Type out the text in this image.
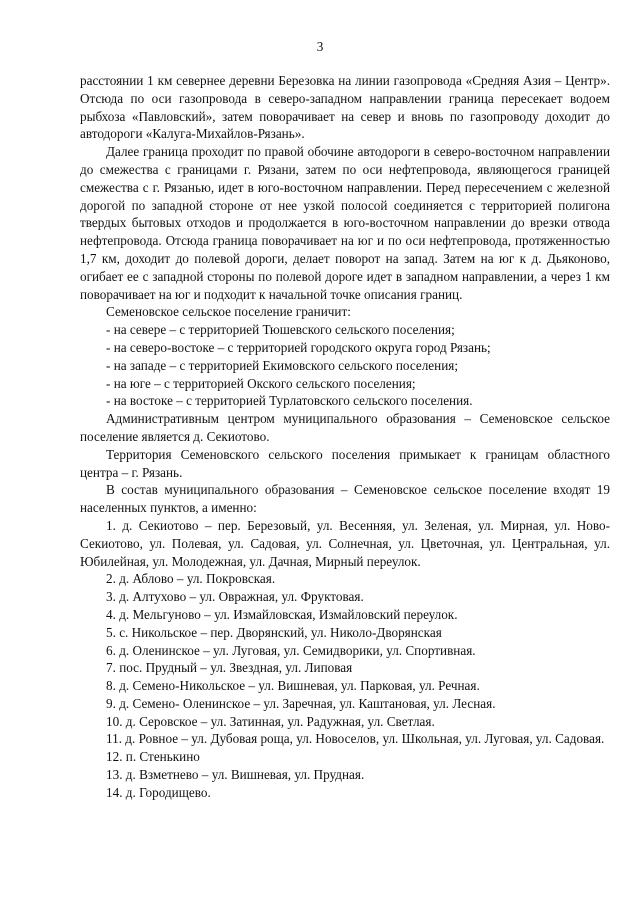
3

расстоянии 1 км севернее деревни Березовка на линии газопровода «Средняя Азия – Центр». Отсюда по оси газопровода в северо-западном направлении граница пересекает водоем рыбхоза «Павловский», затем поворачивает на север и вновь по газопроводу доходит до автодороги «Калуга-Михайлов-Рязань».

Далее граница проходит по правой обочине автодороги в северо-восточном направлении до смежества с границами г. Рязани, затем по оси нефтепровода, являющегося границей смежества с г. Рязанью, идет в юго-восточном направлении. Перед пересечением с железной дорогой по западной стороне от нее узкой полосой соединяется с территорией полигона твердых бытовых отходов и продолжается в юго-восточном направлении до врезки отвода нефтепровода. Отсюда граница поворачивает на юг и по оси нефтепровода, протяженностью 1,7 км, доходит до полевой дороги, делает поворот на запад. Затем на юг к д. Дьяконово, огибает ее с западной стороны по полевой дороге идет в западном направлении, а через 1 км поворачивает на юг и подходит к начальной точке описания границ.

Семеновское сельское поселение граничит:

- на севере – с территорией Тюшевского сельского поселения;

- на северо-востоке – с территорией городского округа город Рязань;

- на западе – с территорией Екимовского сельского поселения;

- на юге – с территорией Окского сельского поселения;

- на востоке – с территорией Турлатовского сельского поселения.

Административным центром муниципального образования – Семеновское сельское поселение является д. Секиотово.

Территория Семеновского сельского поселения примыкает к границам областного центра – г. Рязань.

В состав муниципального образования – Семеновское сельское поселение входят 19 населенных пунктов, а именно:

1. д. Секиотово – пер. Березовый, ул. Весенняя, ул. Зеленая, ул. Мирная, ул. Ново-Секиотово, ул. Полевая, ул. Садовая, ул. Солнечная, ул. Цветочная, ул. Центральная, ул. Юбилейная, ул. Молодежная, ул. Дачная, Мирный переулок.

2. д. Аблово – ул. Покровская.

3. д. Алтухово – ул. Овражная, ул. Фруктовая.

4. д. Мельгуново – ул. Измайловская, Измайловский переулок.

5. с. Никольское – пер. Дворянский, ул. Николо-Дворянская

6. д. Оленинское – ул. Луговая, ул. Семидворики, ул. Спортивная.

7. пос. Прудный – ул. Звездная, ул. Липовая

8. д. Семено-Никольское – ул. Вишневая, ул. Парковая, ул. Речная.

9. д. Семено- Оленинское – ул. Заречная, ул. Каштановая, ул. Лесная.

10. д. Серовское – ул. Затинная, ул. Радужная, ул. Светлая.

11. д. Ровное – ул. Дубовая роща, ул. Новоселов, ул. Школьная, ул. Луговая, ул. Садовая.

12. п. Стенькино

13. д. Взметнево – ул. Вишневая, ул. Прудная.

14. д. Городищево.
